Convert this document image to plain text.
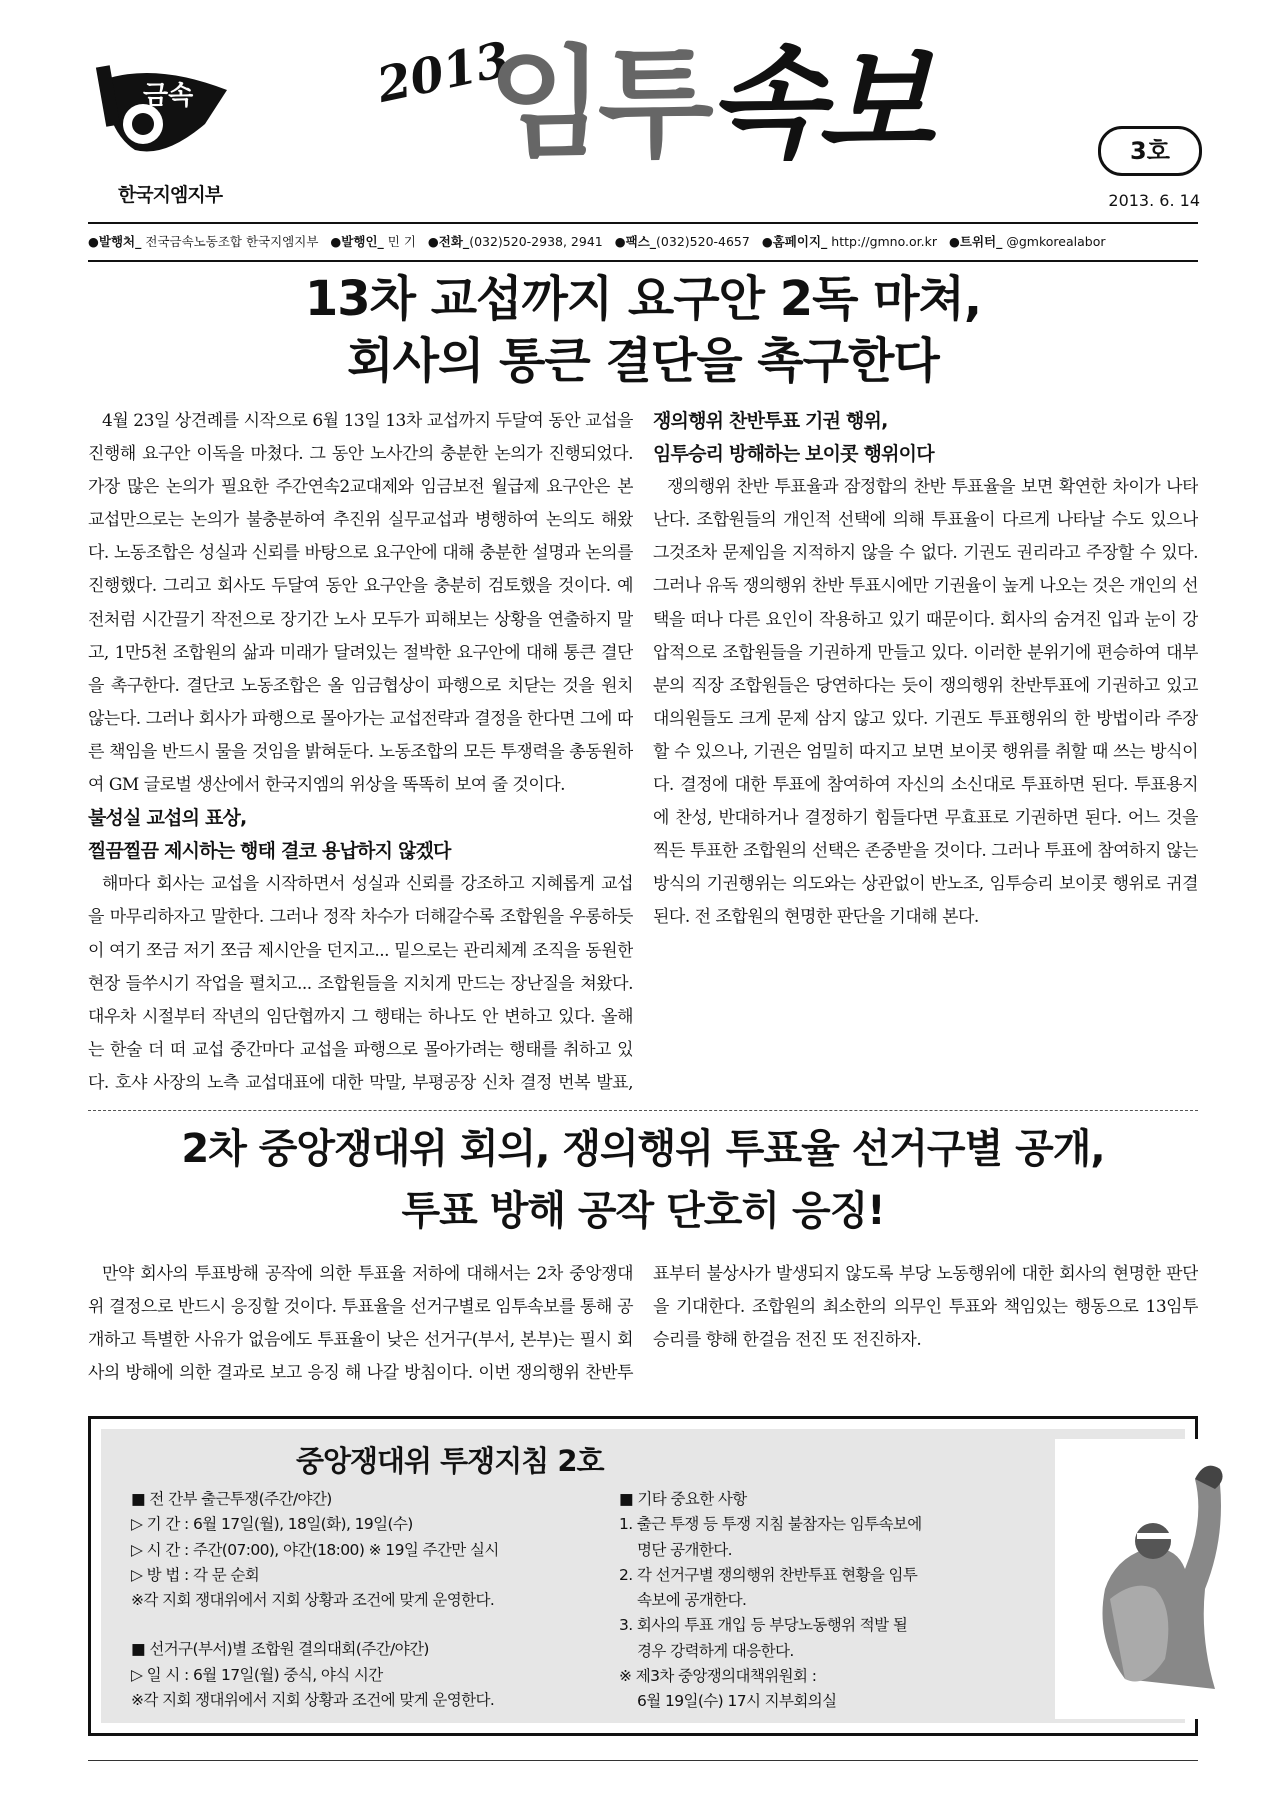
금속
한국지엠지부
2013
임투속보	3호
2013. 6. 14
●발행처_ 전국금속노동조합 한국지엠지부 ●발행인_ 민 기 ●전화_(032)520-2938, 2941 ●팩스_(032)520-4657 ●홈페이지_ http://gmno.or.kr ●트위터_ @gmkorealabor
13차 교섭까지 요구안 2독 마쳐,
회사의 통큰 결단을 촉구한다

4월 23일 상견례를 시작으로 6월 13일 13차 교섭까지 두달여 동안 교섭을 진행해 요구안 이독을 마쳤다. 그 동안 노사간의 충분한 논의가 진행되었다. 가장 많은 논의가 필요한 주간연속2교대제와 임금보전 월급제 요구안은 본 교섭만으로는 논의가 불충분하여 추진위 실무교섭과 병행하여 논의도 해왔다. 노동조합은 성실과 신뢰를 바탕으로 요구안에 대해 충분한 설명과 논의를 진행했다. 그리고 회사도 두달여 동안 요구안을 충분히 검토했을 것이다. 예전처럼 시간끌기 작전으로 장기간 노사 모두가 피해보는 상황을 연출하지 말고, 1만5천 조합원의 삶과 미래가 달려있는 절박한 요구안에 대해 통큰 결단을 촉구한다. 결단코 노동조합은 올 임금협상이 파행으로 치닫는 것을 원치 않는다. 그러나 회사가 파행으로 몰아가는 교섭전략과 결정을 한다면 그에 따른 책임을 반드시 물을 것임을 밝혀둔다. 노동조합의 모든 투쟁력을 총동원하여 GM 글로벌 생산에서 한국지엠의 위상을 똑똑히 보여 줄 것이다.

불성실 교섭의 표상,
찔끔찔끔 제시하는 행태 결코 용납하지 않겠다

해마다 회사는 교섭을 시작하면서 성실과 신뢰를 강조하고 지혜롭게 교섭을 마무리하자고 말한다. 그러나 정작 차수가 더해갈수록 조합원을 우롱하듯이 여기 쪼금 저기 쪼금 제시안을 던지고... 밑으로는 관리체계 조직을 동원한 현장 들쑤시기 작업을 펼치고... 조합원들을 지치게 만드는 장난질을 쳐왔다. 대우차 시절부터 작년의 임단협까지 그 행태는 하나도 안 변하고 있다. 올해는 한술 더 떠 교섭 중간마다 교섭을 파행으로 몰아가려는 행태를 취하고 있다. 호샤 사장의 노측 교섭대표에 대한 막말, 부평공장 신차 결정 번복 발표,

쟁의행위 찬반투표 기권 행위,
임투승리 방해하는 보이콧 행위이다

쟁의행위 찬반 투표율과 잠정합의 찬반 투표율을 보면 확연한 차이가 나타난다. 조합원들의 개인적 선택에 의해 투표율이 다르게 나타날 수도 있으나 그것조차 문제임을 지적하지 않을 수 없다. 기권도 권리라고 주장할 수 있다. 그러나 유독 쟁의행위 찬반 투표시에만 기권율이 높게 나오는 것은 개인의 선택을 떠나 다른 요인이 작용하고 있기 때문이다. 회사의 숨겨진 입과 눈이 강압적으로 조합원들을 기권하게 만들고 있다. 이러한 분위기에 편승하여 대부분의 직장 조합원들은 당연하다는 듯이 쟁의행위 찬반투표에 기권하고 있고 대의원들도 크게 문제 삼지 않고 있다. 기권도 투표행위의 한 방법이라 주장할 수 있으나, 기권은 엄밀히 따지고 보면 보이콧 행위를 취할 때 쓰는 방식이다. 결정에 대한 투표에 참여하여 자신의 소신대로 투표하면 된다. 투표용지에 찬성, 반대하거나 결정하기 힘들다면 무효표로 기권하면 된다. 어느 것을 찍든 투표한 조합원의 선택은 존중받을 것이다. 그러나 투표에 참여하지 않는 방식의 기권행위는 의도와는 상관없이 반노조, 임투승리 보이콧 행위로 귀결된다. 전 조합원의 현명한 판단을 기대해 본다.

2차 중앙쟁대위 회의, 쟁의행위 투표율 선거구별 공개,
투표 방해 공작 단호히 응징!

만약 회사의 투표방해 공작에 의한 투표율 저하에 대해서는 2차 중앙쟁대위 결정으로 반드시 응징할 것이다. 투표율을 선거구별로 임투속보를 통해 공개하고 특별한 사유가 없음에도 투표율이 낮은 선거구(부서, 본부)는 필시 회사의 방해에 의한 결과로 보고 응징 해 나갈 방침이다. 이번 쟁의행위 찬반투표부터 불상사가 발생되지 않도록 부당 노동행위에 대한 회사의 현명한 판단을 기대한다. 조합원의 최소한의 의무인 투표와 책임있는 행동으로 13임투 승리를 향해 한걸음 전진 또 전진하자.

중앙쟁대위 투쟁지침 2호
■ 전 간부 출근투쟁(주간/야간)
▷ 기 간 : 6월 17일(월), 18일(화), 19일(수)
▷ 시 간 : 주간(07:00), 야간(18:00) ※ 19일 주간만 실시
▷ 방 법 : 각 문 순회
※각 지회 쟁대위에서 지회 상황과 조건에 맞게 운영한다.
■ 선거구(부서)별 조합원 결의대회(주간/야간)
▷ 일 시 : 6월 17일(월) 중식, 야식 시간
※각 지회 쟁대위에서 지회 상황과 조건에 맞게 운영한다.
■ 기타 중요한 사항
1. 출근 투쟁 등 투쟁 지침 불참자는 임투속보에
명단 공개한다.
2. 각 선거구별 쟁의행위 찬반투표 현황을 임투
속보에 공개한다.
3. 회사의 투표 개입 등 부당노동행위 적발 될
경우 강력하게 대응한다.
※ 제3차 중앙쟁의대책위원회 :
6월 19일(수) 17시 지부회의실
